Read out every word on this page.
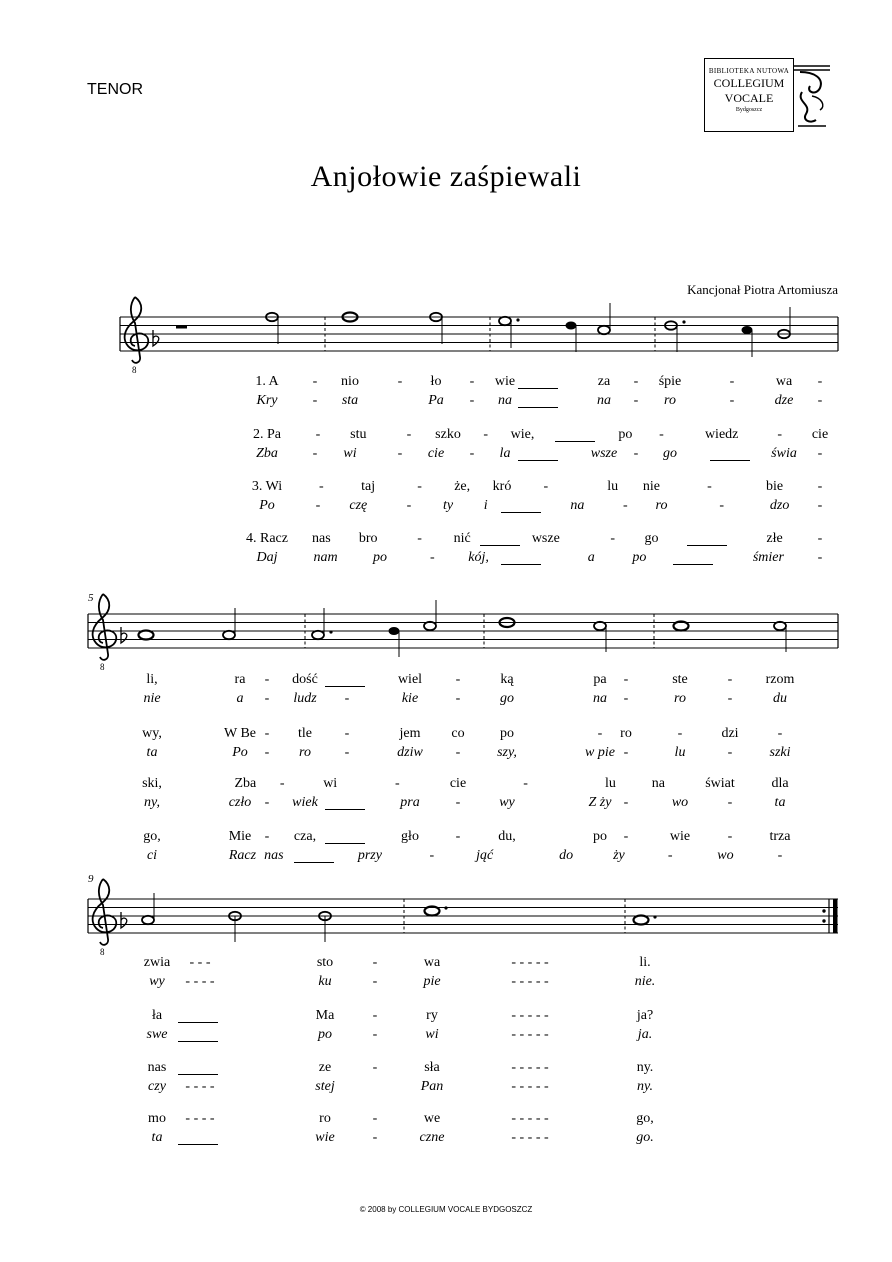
TENOR
BIBLIOTEKA NUTOWA
COLLEGIUM
VOCALE
Bydgoszcz
Anjołowie zaśpiewali
Kancjonał Piotra Artomiusza
5
9
8
1. A - nio	- ło - wie	za - śpie	-	wa -
Kry	- sta	Pa - na	na - ro	-	dze -
li,	ra - dość	wiel -	ką	pa -	ste	- rzom
nie	a - ludz -	kie	-	go	na -	ro	-	du
zwia - - -	sto	-	wa	- - - - -	li.
wy - - - -	ku	-	pie	- - - - -	nie.
2. Pa - stu	- szko - wie,	po -	wiedz	- cie
Zba - wi	- cie - la	wsze - go	świa -
wy,	W Be - tle -	jem co	po	- ro	-	dzi	-
ta	Po - ro -	dziw -	szy,	w pie -	lu	-	szki
ła	Ma	-	ry	- - - - -	ja?
swe	po	-	wi	- - - - -	ja.
3. Wi	-	taj	- że, kró -	lu nie	-	bie -
Po	- czę	- ty i	na	- ro	-	dzo -
ski,	Zba -	wi	-	cie	-	lu	na	świat	dla
ny,	czło - wiek	pra	-	wy	Z żу -	wo	-	ta
nas	ze	-	sła	- - - - -	ny.
czy - - - -	stej	Pan	- - - - -	ny.
4. Racz nas bro	- nić	wsze	- go	złe -
Daj	nam	po	- kój,	a	po	śmier -
go,	Mie - cza,	gło	-	du,	po -	wie	-	trza
ci	Racz nas	przy	-	jąć	do	ży	-	wo	-
mo - - - -	ro	-	we	- - - - -	go,
ta	wie	-	czne	- - - - -	go.
© 2008 by COLLEGIUM VOCALE BYDGOSZCZ
